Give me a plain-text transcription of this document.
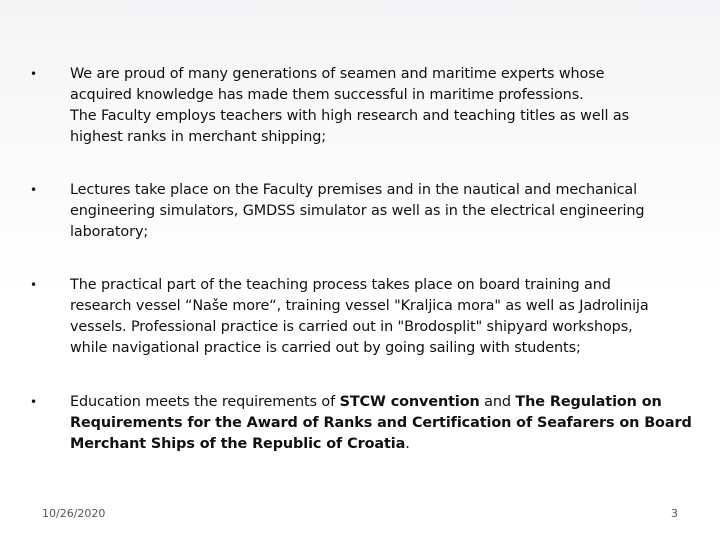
• We are proud of many generations of seamen and maritime experts whose
acquired knowledge has made them successful in maritime professions.
The Faculty employs teachers with high research and teaching titles as well as
highest ranks in merchant shipping;
• Lectures take place on the Faculty premises and in the nautical and mechanical
engineering simulators, GMDSS simulator as well as in the electrical engineering
laboratory;
• The practical part of the teaching process takes place on board training and
research vessel “Naše more“, training vessel "Kraljica mora" as well as Jadrolinija
vessels. Professional practice is carried out in "Brodosplit" shipyard workshops,
while navigational practice is carried out by going sailing with students;
• Education meets the requirements of STCW convention and The Regulation on
Requirements for the Award of Ranks and Certification of Seafarers on Board
Merchant Ships of the Republic of Croatia.
10/26/2020	3
